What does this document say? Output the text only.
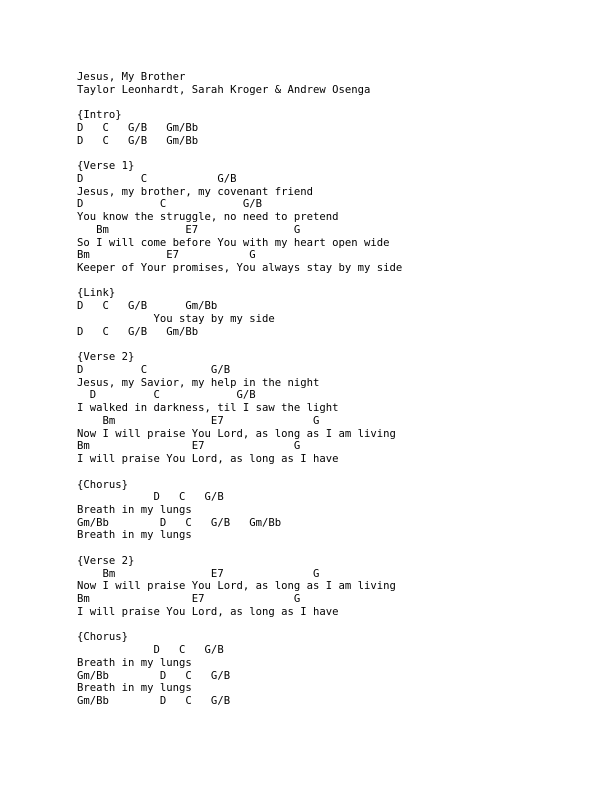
Jesus, My Brother
Taylor Leonhardt, Sarah Kroger & Andrew Osenga
{Intro}
D   C   G/B   Gm/Bb
D   C   G/B   Gm/Bb
{Verse 1}
D         C           G/B
Jesus, my brother, my covenant friend
D            C            G/B
You know the struggle, no need to pretend
Bm            E7               G
So I will come before You with my heart open wide
Bm            E7           G
Keeper of Your promises, You always stay by my side
{Link}
D   C   G/B      Gm/Bb
You stay by my side
D   C   G/B   Gm/Bb
{Verse 2}
D         C          G/B
Jesus, my Savior, my help in the night
D         C            G/B
I walked in darkness, til I saw the light
Bm               E7              G
Now I will praise You Lord, as long as I am living
Bm                E7              G
I will praise You Lord, as long as I have
{Chorus}
D   C   G/B
Breath in my lungs
Gm/Bb        D   C   G/B   Gm/Bb
Breath in my lungs
{Verse 2}
Bm               E7              G
Now I will praise You Lord, as long as I am living
Bm                E7              G
I will praise You Lord, as long as I have
{Chorus}
D   C   G/B
Breath in my lungs
Gm/Bb        D   C   G/B
Breath in my lungs
Gm/Bb        D   C   G/B
